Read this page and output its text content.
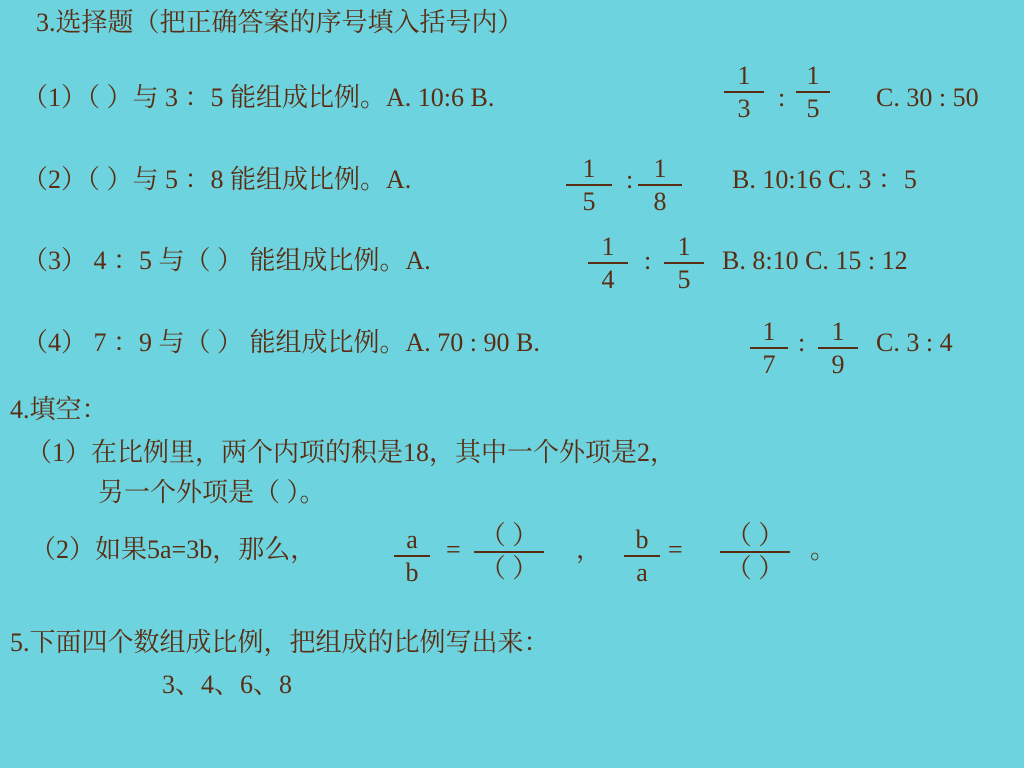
3.选择题（把正确答案的序号填入括号内）
（1）（ ）与 3 ：5 能组成比例。A. 10:6 B.
1
3	:
1
5	C. 30 : 50
（2）（ ）与 5 ：8 能组成比例。A.	1
5
: 1
8
B. 10:16 C. 3 ：5
（3） 4 ：5 与（ ） 能组成比例。A.	1
4
:	1
5
B. 8:10 C. 15 : 12
（4） 7 ：9 与（ ） 能组成比例。A. 70 : 90 B.	1
7
:	1
9
C. 3 : 4
4.填空：
（1）在比例里，两个内项的积是18，其中一个外项是2，
另一个外项是（ ）。
（2）如果5a=3b，那么，	a
b
= （ ）
（ ）
，	b
a
= （ ）
（ ）
。
5.下面四个数组成比例，把组成的比例写出来：
3、4、6、8
